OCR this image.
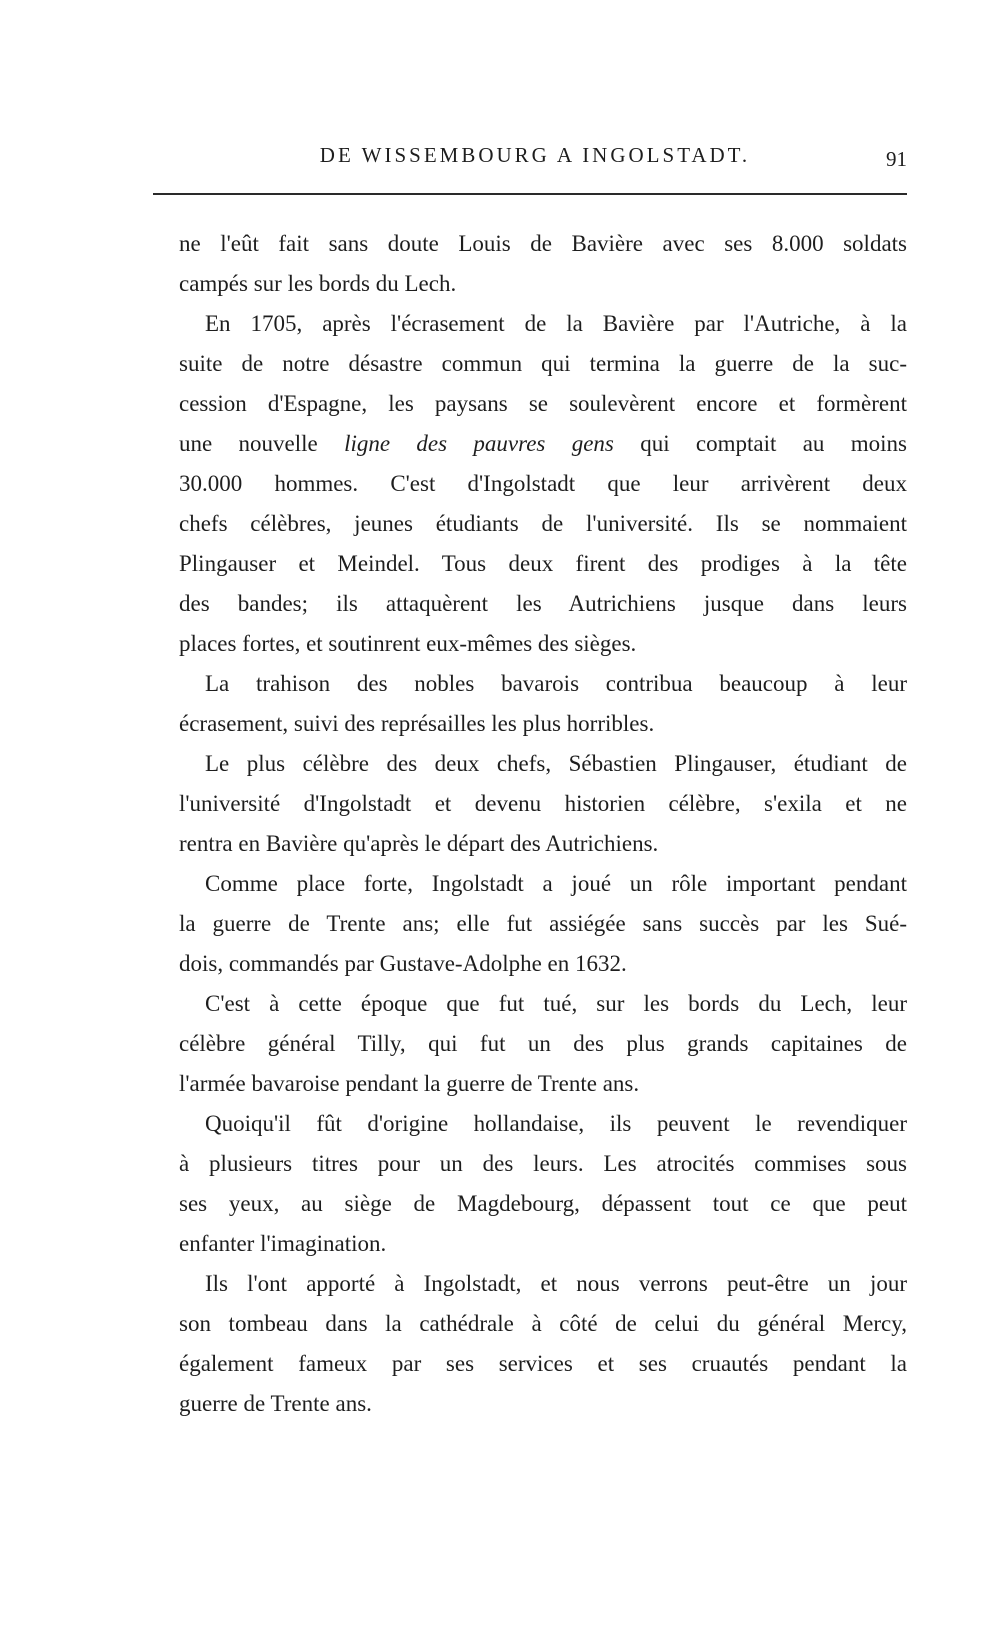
DE WISSEMBOURG A INGOLSTADT.	91
ne l'eût fait sans doute Louis de Bavière avec ses 8.000 soldats
campés sur les bords du Lech.
En 1705, après l'écrasement de la Bavière par l'Autriche, à la
suite de notre désastre commun qui termina la guerre de la suc-
cession d'Espagne, les paysans se soulevèrent encore et formèrent
une nouvelle ligne des pauvres gens qui comptait au moins
30.000 hommes. C'est d'Ingolstadt que leur arrivèrent deux
chefs célèbres, jeunes étudiants de l'université. Ils se nommaient
Plingauser et Meindel. Tous deux firent des prodiges à la tête
des bandes; ils attaquèrent les Autrichiens jusque dans leurs
places fortes, et soutinrent eux-mêmes des sièges.
La trahison des nobles bavarois contribua beaucoup à leur
écrasement, suivi des représailles les plus horribles.
Le plus célèbre des deux chefs, Sébastien Plingauser, étudiant de
l'université d'Ingolstadt et devenu historien célèbre, s'exila et ne
rentra en Bavière qu'après le départ des Autrichiens.
Comme place forte, Ingolstadt a joué un rôle important pendant
la guerre de Trente ans; elle fut assiégée sans succès par les Sué-
dois, commandés par Gustave-Adolphe en 1632.
C'est à cette époque que fut tué, sur les bords du Lech, leur
célèbre général Tilly, qui fut un des plus grands capitaines de
l'armée bavaroise pendant la guerre de Trente ans.
Quoiqu'il fût d'origine hollandaise, ils peuvent le revendiquer
à plusieurs titres pour un des leurs. Les atrocités commises sous
ses yeux, au siège de Magdebourg, dépassent tout ce que peut
enfanter l'imagination.
Ils l'ont apporté à Ingolstadt, et nous verrons peut-être un jour
son tombeau dans la cathédrale à côté de celui du général Mercy,
également fameux par ses services et ses cruautés pendant la
guerre de Trente ans.
